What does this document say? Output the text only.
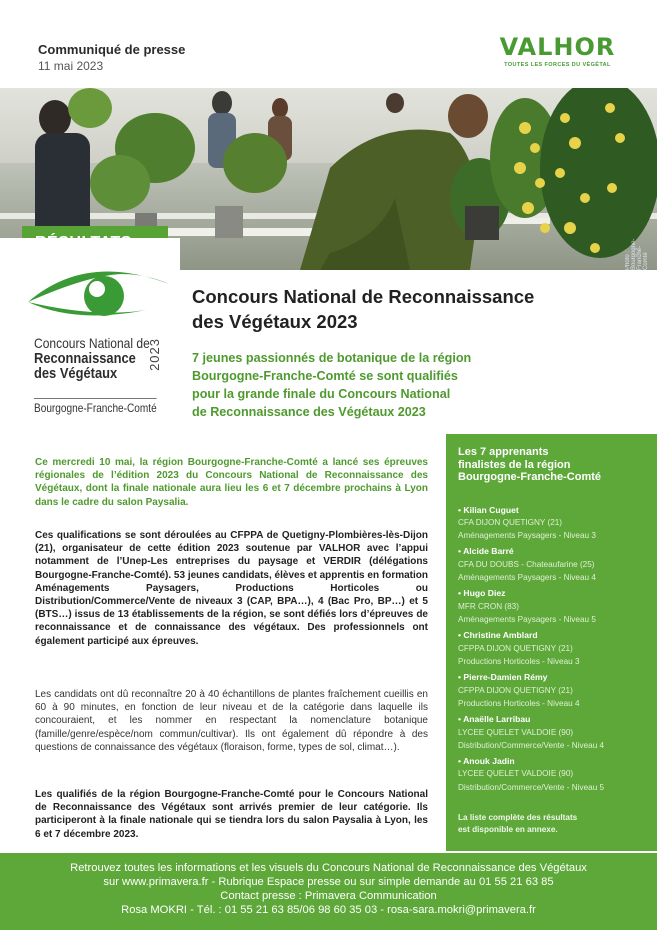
Communiqué de presse
11 mai 2023
VALHOR
TOUTES LES FORCES DU VÉGÉTAL
Photo : Bourgogne-Franche-Comté
Concours National de
Reconnaissance
des Végétaux
2023
Bourgogne-Franche-Comté
Concours National de Reconnaissance
des Végétaux 2023
7 jeunes passionnés de botanique de la région
Bourgogne-Franche-Comté se sont qualifiés
pour la grande finale du Concours National
de Reconnaissance des Végétaux 2023

Ce mercredi 10 mai, la région Bourgogne-Franche-Comté a lancé ses épreuves régionales de l’édition 2023 du Concours National de Reconnaissance des Végétaux, dont la finale nationale aura lieu les 6 et 7 décembre prochains à Lyon dans le cadre du salon Paysalia.

Ces qualifications se sont déroulées au CFPPA de Quetigny-Plombières-lès-Dijon (21), organisateur de cette édition 2023 soutenue par VALHOR avec l’appui notamment de l’Unep-Les entreprises du paysage et VERDIR (délégations Bourgogne-Franche-Comté). 53 jeunes candidats, élèves et apprentis en formation Aménagements Paysagers, Productions Horticoles ou Distribution/Commerce/Vente de niveaux 3 (CAP, BPA…), 4 (Bac Pro, BP…) et 5 (BTS…) issus de 13 établissements de la région, se sont défiés lors d’épreuves de reconnaissance et de connaissance des végétaux. Des professionnels ont également participé aux épreuves.

Les candidats ont dû reconnaître 20 à 40 échantillons de plantes fraîchement cueillis en 60 à 90 minutes, en fonction de leur niveau et de la catégorie dans laquelle ils concouraient, et les nommer en respectant la nomenclature botanique (famille/genre/espèce/nom commun/cultivar). Ils ont également dû répondre à des questions de connaissance des végétaux (floraison, forme, types de sol, climat…).

Les qualifiés de la région Bourgogne-Franche-Comté pour le Concours National de Reconnaissance des Végétaux sont arrivés premier de leur catégorie. Ils participeront à la finale nationale qui se tiendra lors du salon Paysalia à Lyon, les 6 et 7 décembre 2023.

Les 7 apprenants
finalistes de la région
Bourgogne-Franche-Comté
• Kilian Cuguet
CFA DIJON QUETIGNY (21)
Aménagements Paysagers - Niveau 3
• Alcide Barré
CFA DU DOUBS - Chateaufarine (25)
Aménagements Paysagers - Niveau 4
• Hugo Diez
MFR CRON (83)
Aménagements Paysagers - Niveau 5
• Christine Amblard
CFPPA DIJON QUETIGNY (21)
Productions Horticoles - Niveau 3
• Pierre-Damien Rémy
CFPPA DIJON QUETIGNY (21)
Productions Horticoles - Niveau 4
• Anaëlle Larribau
LYCEE QUELET VALDOIE (90)
Distribution/Commerce/Vente - Niveau 4
• Anouk Jadin
LYCEE QUELET VALDOIE (90)
Distribution/Commerce/Vente - Niveau 5
La liste complète des résultats
est disponible en annexe.
Retrouvez toutes les informations et les visuels du Concours National de Reconnaissance des Végétaux
sur www.primavera.fr - Rubrique Espace presse ou sur simple demande au 01 55 21 63 85
Contact presse : Primavera Communication
Rosa MOKRI - Tél. : 01 55 21 63 85/06 98 60 35 03 - rosa-sara.mokri@primavera.fr
